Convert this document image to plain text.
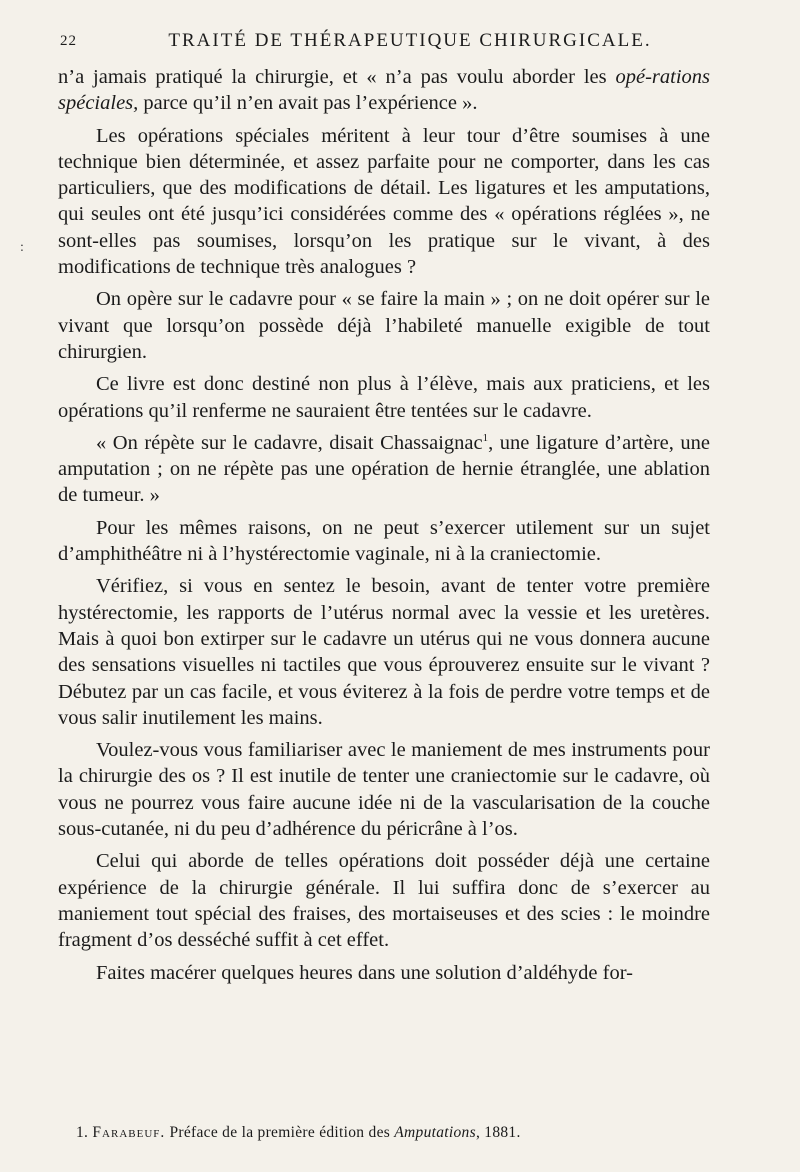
22	TRAITÉ DE THÉRAPEUTIQUE CHIRURGICALE.
:

n’a jamais pratiqué la chirurgie, et « n’a pas voulu aborder les opé-rations spéciales, parce qu’il n’en avait pas l’expérience ».

Les opérations spéciales méritent à leur tour d’être soumises à une technique bien déterminée, et assez parfaite pour ne comporter, dans les cas particuliers, que des modifications de détail. Les ligatures et les amputations, qui seules ont été jusqu’ici considérées comme des « opérations réglées », ne sont-elles pas soumises, lorsqu’on les pratique sur le vivant, à des modifications de technique très analogues ?

On opère sur le cadavre pour « se faire la main » ; on ne doit opérer sur le vivant que lorsqu’on possède déjà l’habileté manuelle exigible de tout chirurgien.

Ce livre est donc destiné non plus à l’élève, mais aux praticiens, et les opérations qu’il renferme ne sauraient être tentées sur le cadavre.

« On répète sur le cadavre, disait Chassaignac$^1$, une ligature d’artère, une amputation ; on ne répète pas une opération de hernie étranglée, une ablation de tumeur. »

Pour les mêmes raisons, on ne peut s’exercer utilement sur un sujet d’amphithéâtre ni à l’hystérectomie vaginale, ni à la craniectomie.

Vérifiez, si vous en sentez le besoin, avant de tenter votre première hystérectomie, les rapports de l’utérus normal avec la vessie et les uretères. Mais à quoi bon extirper sur le cadavre un utérus qui ne vous donnera aucune des sensations visuelles ni tactiles que vous éprouverez ensuite sur le vivant ? Débutez par un cas facile, et vous éviterez à la fois de perdre votre temps et de vous salir inutilement les mains.

Voulez-vous vous familiariser avec le maniement de mes instruments pour la chirurgie des os ? Il est inutile de tenter une craniectomie sur le cadavre, où vous ne pourrez vous faire aucune idée ni de la vascularisation de la couche sous-cutanée, ni du peu d’adhérence du péricrâne à l’os.

Celui qui aborde de telles opérations doit posséder déjà une certaine expérience de la chirurgie générale. Il lui suffira donc de s’exercer au maniement tout spécial des fraises, des mortaiseuses et des scies : le moindre fragment d’os desséché suffit à cet effet.

Faites macérer quelques heures dans une solution d’aldéhyde for-

1. Farabeuf. Préface de la première édition des Amputations, 1881.
